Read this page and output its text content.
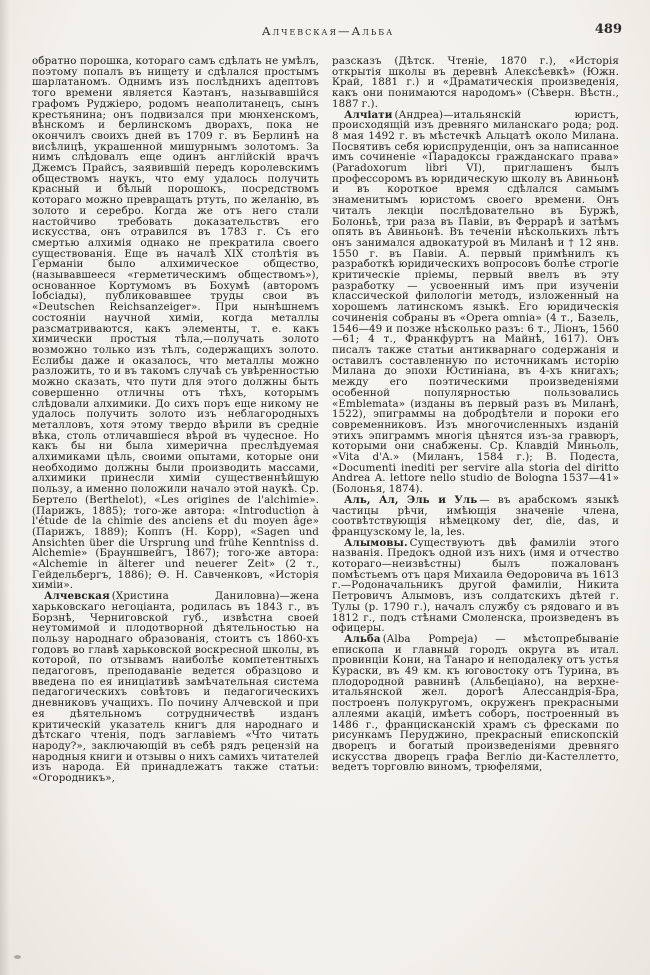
Алчевская—Альба	489

обратно порошка, котораго самъ сдѣлать не умѣлъ, поэтому попалъ въ нищету и сдѣлался простымъ шарлатаномъ. Однимъ изъ послѣднихъ адептовъ того времени является Каэтанъ, называвшійся графомъ Руджіеро, родомъ неаполитанецъ, сынъ крестьянина; онъ подвизался при мюнхенскомъ, вѣнскомъ и берлинскомъ дворахъ, пока не окончилъ своихъ дней въ 1709 г. въ Берлинѣ на висѣлицѣ, украшенной мишурнымъ золотомъ. За нимъ слѣдовалъ еще одинъ англійскій врачъ Джемсъ Прайсъ, заявившій передъ королевскимъ обществомъ наукъ, что ему удалось получить красный и бѣлый порошокъ, посредствомъ котораго можно превращать ртуть, по желанію, въ золото и серебро. Когда же отъ него стали настойчиво требовать доказательствъ его искусства, онъ отравился въ 1783 г. Съ его смертью алхимія однако не прекратила своего существованія. Еще въ началѣ XIX столѣтія въ Германіи было алхимическое общество, (называвшееся «герметическимъ обществомъ»), основанное Кортумомъ въ Бохумѣ (авторомъ Іобсіады), публиковавшее труды свои въ «Deutschen Reichsanzeiger». При нынѣшнемъ состояніи научной химіи, когда металлы разсматриваются, какъ элементы, т. е. какъ химически простыя тѣла,—получать золото возможно только изъ тѣлъ, содержащихъ золото. Еслибы даже и оказалось, что металлы можно разложить, то и въ такомъ случаѣ съ увѣренностью можно сказать, что пути для этого должны быть совершенно отличны отъ тѣхъ, которымъ слѣдовали алхимики. До сихъ поръ еще никому не удалось получить золото изъ неблагородныхъ металловъ, хотя этому твердо вѣрили въ средніе вѣка, столь отличавшіеся вѣрой въ чудесное. Но какъ бы ни была химерична преслѣдуемая алхимиками цѣль, своими опытами, которые они необходимо должны были производить массами, алхимики принесли химіи существеннѣйшую пользу, а именно положили начало этой наукѣ. Ср. Бертело (Berthelot), «Les origines de l'alchimie». (Парижъ, 1885); того-же автора: «Introduction à l'étude de la chimie des anciens et du moyen âge» (Парижъ, 1889); Коппъ (H. Kopp), «Sagen und Ansichten über die Ursprung und frühe Kenntniss d. Alchemie» (Брауншвейгъ, 1867); того-же автора: «Alchemie in älterer und neuerer Zeit» (2 т., Гейдельбергъ, 1886); Ѳ. Н. Савченковъ, «Исторія химіи».

Алчевская (Христина Даниловна)—жена харьковскаго негоціанта, родилась въ 1843 г., въ Борзнѣ, Черниговской губ., извѣстна своей неутомимой и плодотворной дѣятельностью на пользу народнаго образованія, стоитъ съ 1860-хъ годовъ во главѣ харьковской воскресной школы, въ которой, по отзывамъ наиболѣе компетентныхъ педагоговъ, преподаваніе ведется образцово и введена по ея иниціативѣ замѣчательная система педагогическихъ совѣтовъ и педагогическихъ дневниковъ учащихъ. По почину Алчевской и при ея дѣятельномъ сотрудничествѣ изданъ критическій указатель книгъ для народнаго и дѣтскаго чтенія, подъ заглавіемъ «Что читать народу?», заключающій въ себѣ рядъ рецензій на народныя книги и отзывы о нихъ самихъ читателей изъ народа. Ей принадлежатъ также статьи: «Огородникъ»,

разсказъ (Дѣтск. Чтеніе, 1870 г.), «Исторія открытія школы въ деревнѣ Алексѣевкѣ» (Южн. Край, 1881 г.) и «Драматическія произведенія, какъ они понимаются народомъ» (Сѣверн. Вѣстн., 1887 г.).

Алчіати (Андреа)—итальянскій юристъ, происходящій изъ древняго миланскаго рода; род. 8 мая 1492 г. въ мѣстечкѣ Альцатѣ около Милана. Посвятивъ себя юриспруденціи, онъ за написанное имъ сочиненіе «Парадоксы гражданскаго права» (Paradoxorum libri VI), приглашенъ былъ профессоромъ въ юридическую школу въ Авиньонѣ и въ короткое время сдѣлался самымъ знаменитымъ юристомъ своего времени. Онъ читалъ лекціи послѣдовательно въ Буржѣ, Болоньѣ, три раза въ Павіи, въ Феррарѣ и затѣмъ опять въ Авиньонѣ. Въ теченіи нѣсколькихъ лѣтъ онъ занимался адвокатурой въ Миланѣ и † 12 янв. 1550 г. въ Павіи. А. первый примѣнилъ къ разработкѣ юридическихъ вопросовъ болѣе строгіе критическіе пріемы, первый ввелъ въ эту разработку — усвоенный имъ при изученіи классической филологіи методъ, изложенный на хорошемъ латинскомъ языкѣ. Его юридическія сочиненія собраны въ «Opera omnia» (4 т., Базель, 1546—49 и позже нѣсколько разъ: 6 т., Ліонъ, 1560—61; 4 т., Франкфуртъ на Майнѣ, 1617). Онъ писалъ также статьи антикварнаго содержанія и оставилъ составленную по источникамъ исторію Милана до эпохи Юстиніана, въ 4-хъ книгахъ; между его поэтическими произведеніями особенной популярностью пользовались «Emblemata» (изданы въ первый разъ въ Миланѣ, 1522), эпиграммы на добродѣтели и пороки его современниковъ. Изъ многочисленныхъ изданій этихъ эпиграммъ многія цѣнятся изъ-за гравюръ, которыми они снабжены. Ср. Клавдій Миньоль, «Vita d'A.» (Миланъ, 1584 г.); В. Подеста, «Documenti inediti per servire alla storia del diritto Andrea A. lettore nello studio de Bologna 1537—41» (Болонья, 1874).

Аль, Ал, Эль и Уль — въ арабскомъ языкѣ частицы рѣчи, имѣющія значеніе члена, соотвѣтствующія нѣмецкому der, die, das, и французскому le, la, les.

Алымовы. Существуютъ двѣ фамиліи этого названія. Предокъ одной изъ нихъ (имя и отчество котораго—неизвѣстны) былъ пожалованъ помѣстьемъ отъ царя Михаила Ѳедоровича въ 1613 г.—Родоначальникъ другой фамиліи, Никита Петровичъ Алымовъ, изъ солдатскихъ дѣтей г. Тулы (р. 1790 г.), началъ службу съ рядоваго и въ 1812 г., подъ стѣнами Смоленска, произведенъ въ офицеры.

Альба (Alba Pompeja) — мѣстопребываніе епископа и главный городъ округа въ итал. провинціи Кони, на Танаро и неподалеку отъ устья Кураски, въ 49 км. къ юговостоку отъ Турина, въ плодородной равнинѣ (Альбеціано), на верхне-итальянской жел. дорогѣ Алессандрія-Бра, построенъ полукругомъ, окруженъ прекрасными аллеями акацій, имѣетъ соборъ, построенный въ 1486 г., францисканскій храмъ съ фресками по рисункамъ Перуджино, прекрасный епископскій дворецъ и богатый произведеніями древняго искусства дворецъ графа Вегліо ди-Кастеллетто, ведетъ торговлю виномъ, трюфелями,
